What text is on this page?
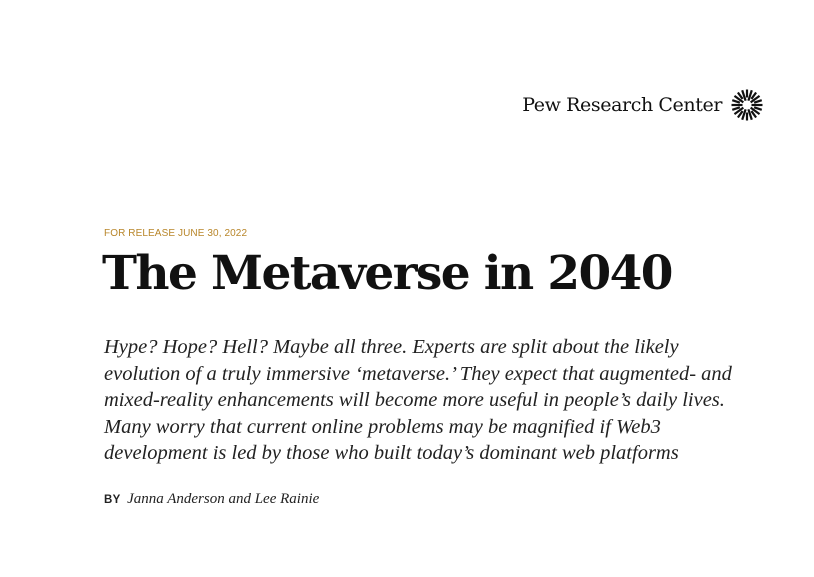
Pew Research Center
FOR RELEASE JUNE 30, 2022
The Metaverse in 2040

Hype? Hope? Hell? Maybe all three. Experts are split about the likely
evolution of a truly immersive ‘metaverse.’ They expect that augmented- and
mixed-reality enhancements will become more useful in people’s daily lives.
Many worry that current online problems may be magnified if Web3
development is led by those who built today’s dominant web platforms

BY Janna Anderson and Lee Rainie
